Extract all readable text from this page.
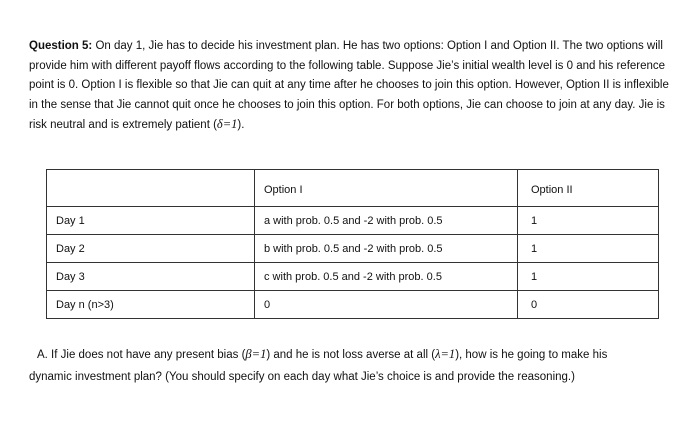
Question 5: On day 1, Jie has to decide his investment plan. He has two options: Option I and Option II. The two options will provide him with different payoff flows according to the following table. Suppose Jie’s initial wealth level is 0 and his reference point is 0. Option I is flexible so that Jie can quit at any time after he chooses to join this option. However, Option II is inflexible in the sense that Jie cannot quit once he chooses to join this option. For both options, Jie can choose to join at any day. Jie is risk neutral and is extremely patient (δ=1).
	Option I	Option II
Day 1	a with prob. 0.5 and -2 with prob. 0.5	1
Day 2	b with prob. 0.5 and -2 with prob. 0.5	1
Day 3	c with prob. 0.5 and -2 with prob. 0.5	1
Day n (n>3)	0	0
A. If Jie does not have any present bias (β=1) and he is not loss averse at all (λ=1), how is he going to make his
dynamic investment plan? (You should specify on each day what Jie’s choice is and provide the reasoning.)
